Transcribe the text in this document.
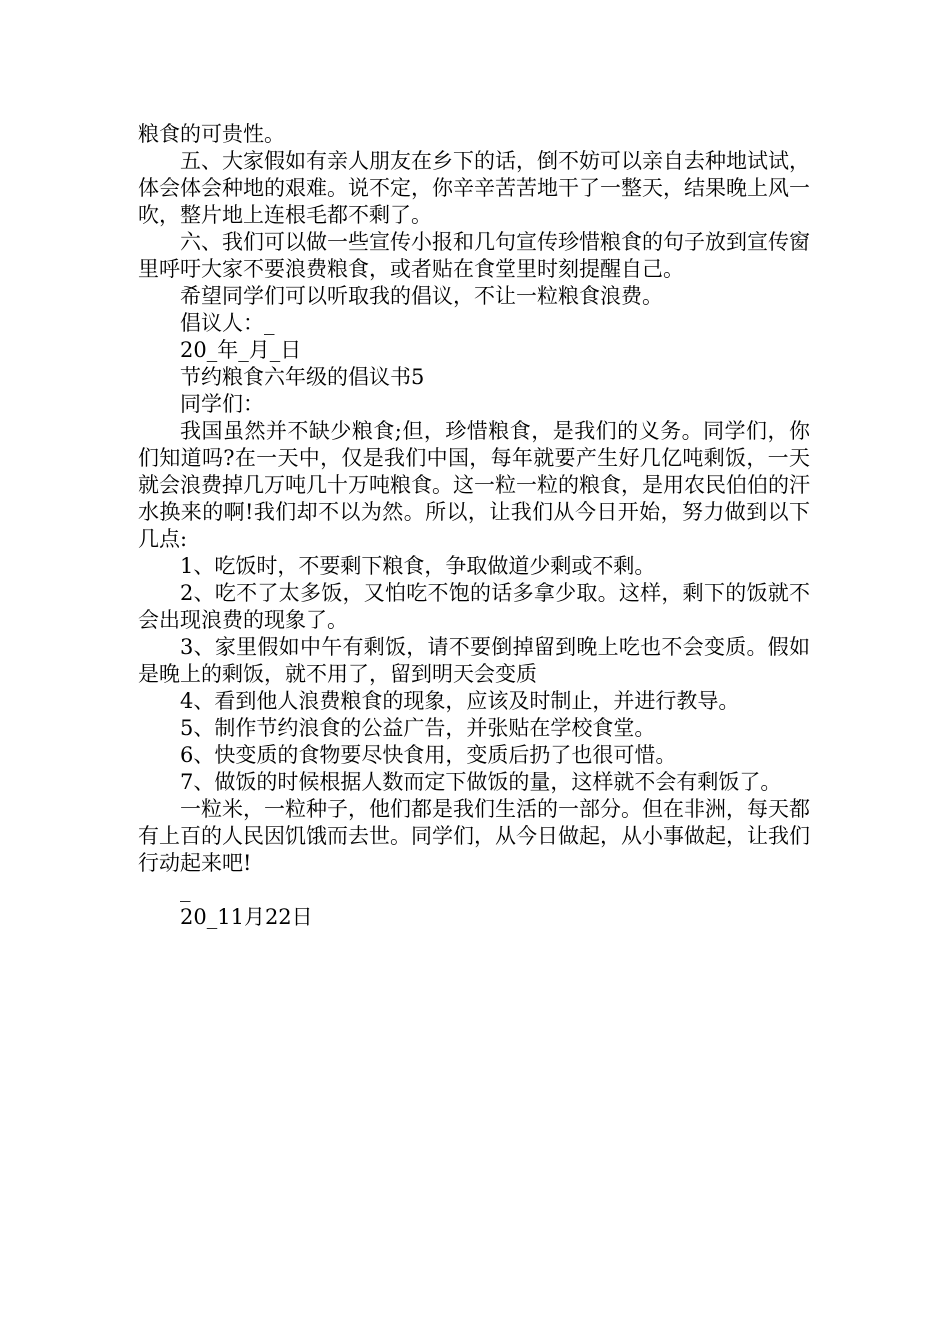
粮食的可贵性。

五、大家假如有亲人朋友在乡下的话，倒不妨可以亲自去种地试试，体会体会种地的艰难。说不定，你辛辛苦苦地干了一整天，结果晚上风一吹，整片地上连根毛都不剩了。

六、我们可以做一些宣传小报和几句宣传珍惜粮食的句子放到宣传窗里呼吁大家不要浪费粮食，或者贴在食堂里时刻提醒自己。

希望同学们可以听取我的倡议，不让一粒粮食浪费。

倡议人：_

20_年_月_日

节约粮食六年级的倡议书5

同学们：

我国虽然并不缺少粮食;但，珍惜粮食，是我们的义务。同学们，你们知道吗?在一天中，仅是我们中国，每年就要产生好几亿吨剩饭，一天就会浪费掉几万吨几十万吨粮食。这一粒一粒的粮食，是用农民伯伯的汗水换来的啊!我们却不以为然。所以，让我们从今日开始，努力做到以下几点:

1、吃饭时，不要剩下粮食，争取做道少剩或不剩。

2、吃不了太多饭，又怕吃不饱的话多拿少取。这样，剩下的饭就不会出现浪费的现象了。

3、家里假如中午有剩饭，请不要倒掉留到晚上吃也不会变质。假如是晚上的剩饭，就不用了，留到明天会变质

4、看到他人浪费粮食的现象，应该及时制止，并进行教导。

5、制作节约浪食的公益广告，并张贴在学校食堂。

6、快变质的食物要尽快食用，变质后扔了也很可惜。

7、做饭的时候根据人数而定下做饭的量，这样就不会有剩饭了。

一粒米，一粒种子，他们都是我们生活的一部分。但在非洲，每天都有上百的人民因饥饿而去世。同学们，从今日做起，从小事做起，让我们行动起来吧!

_

20_11月22日
